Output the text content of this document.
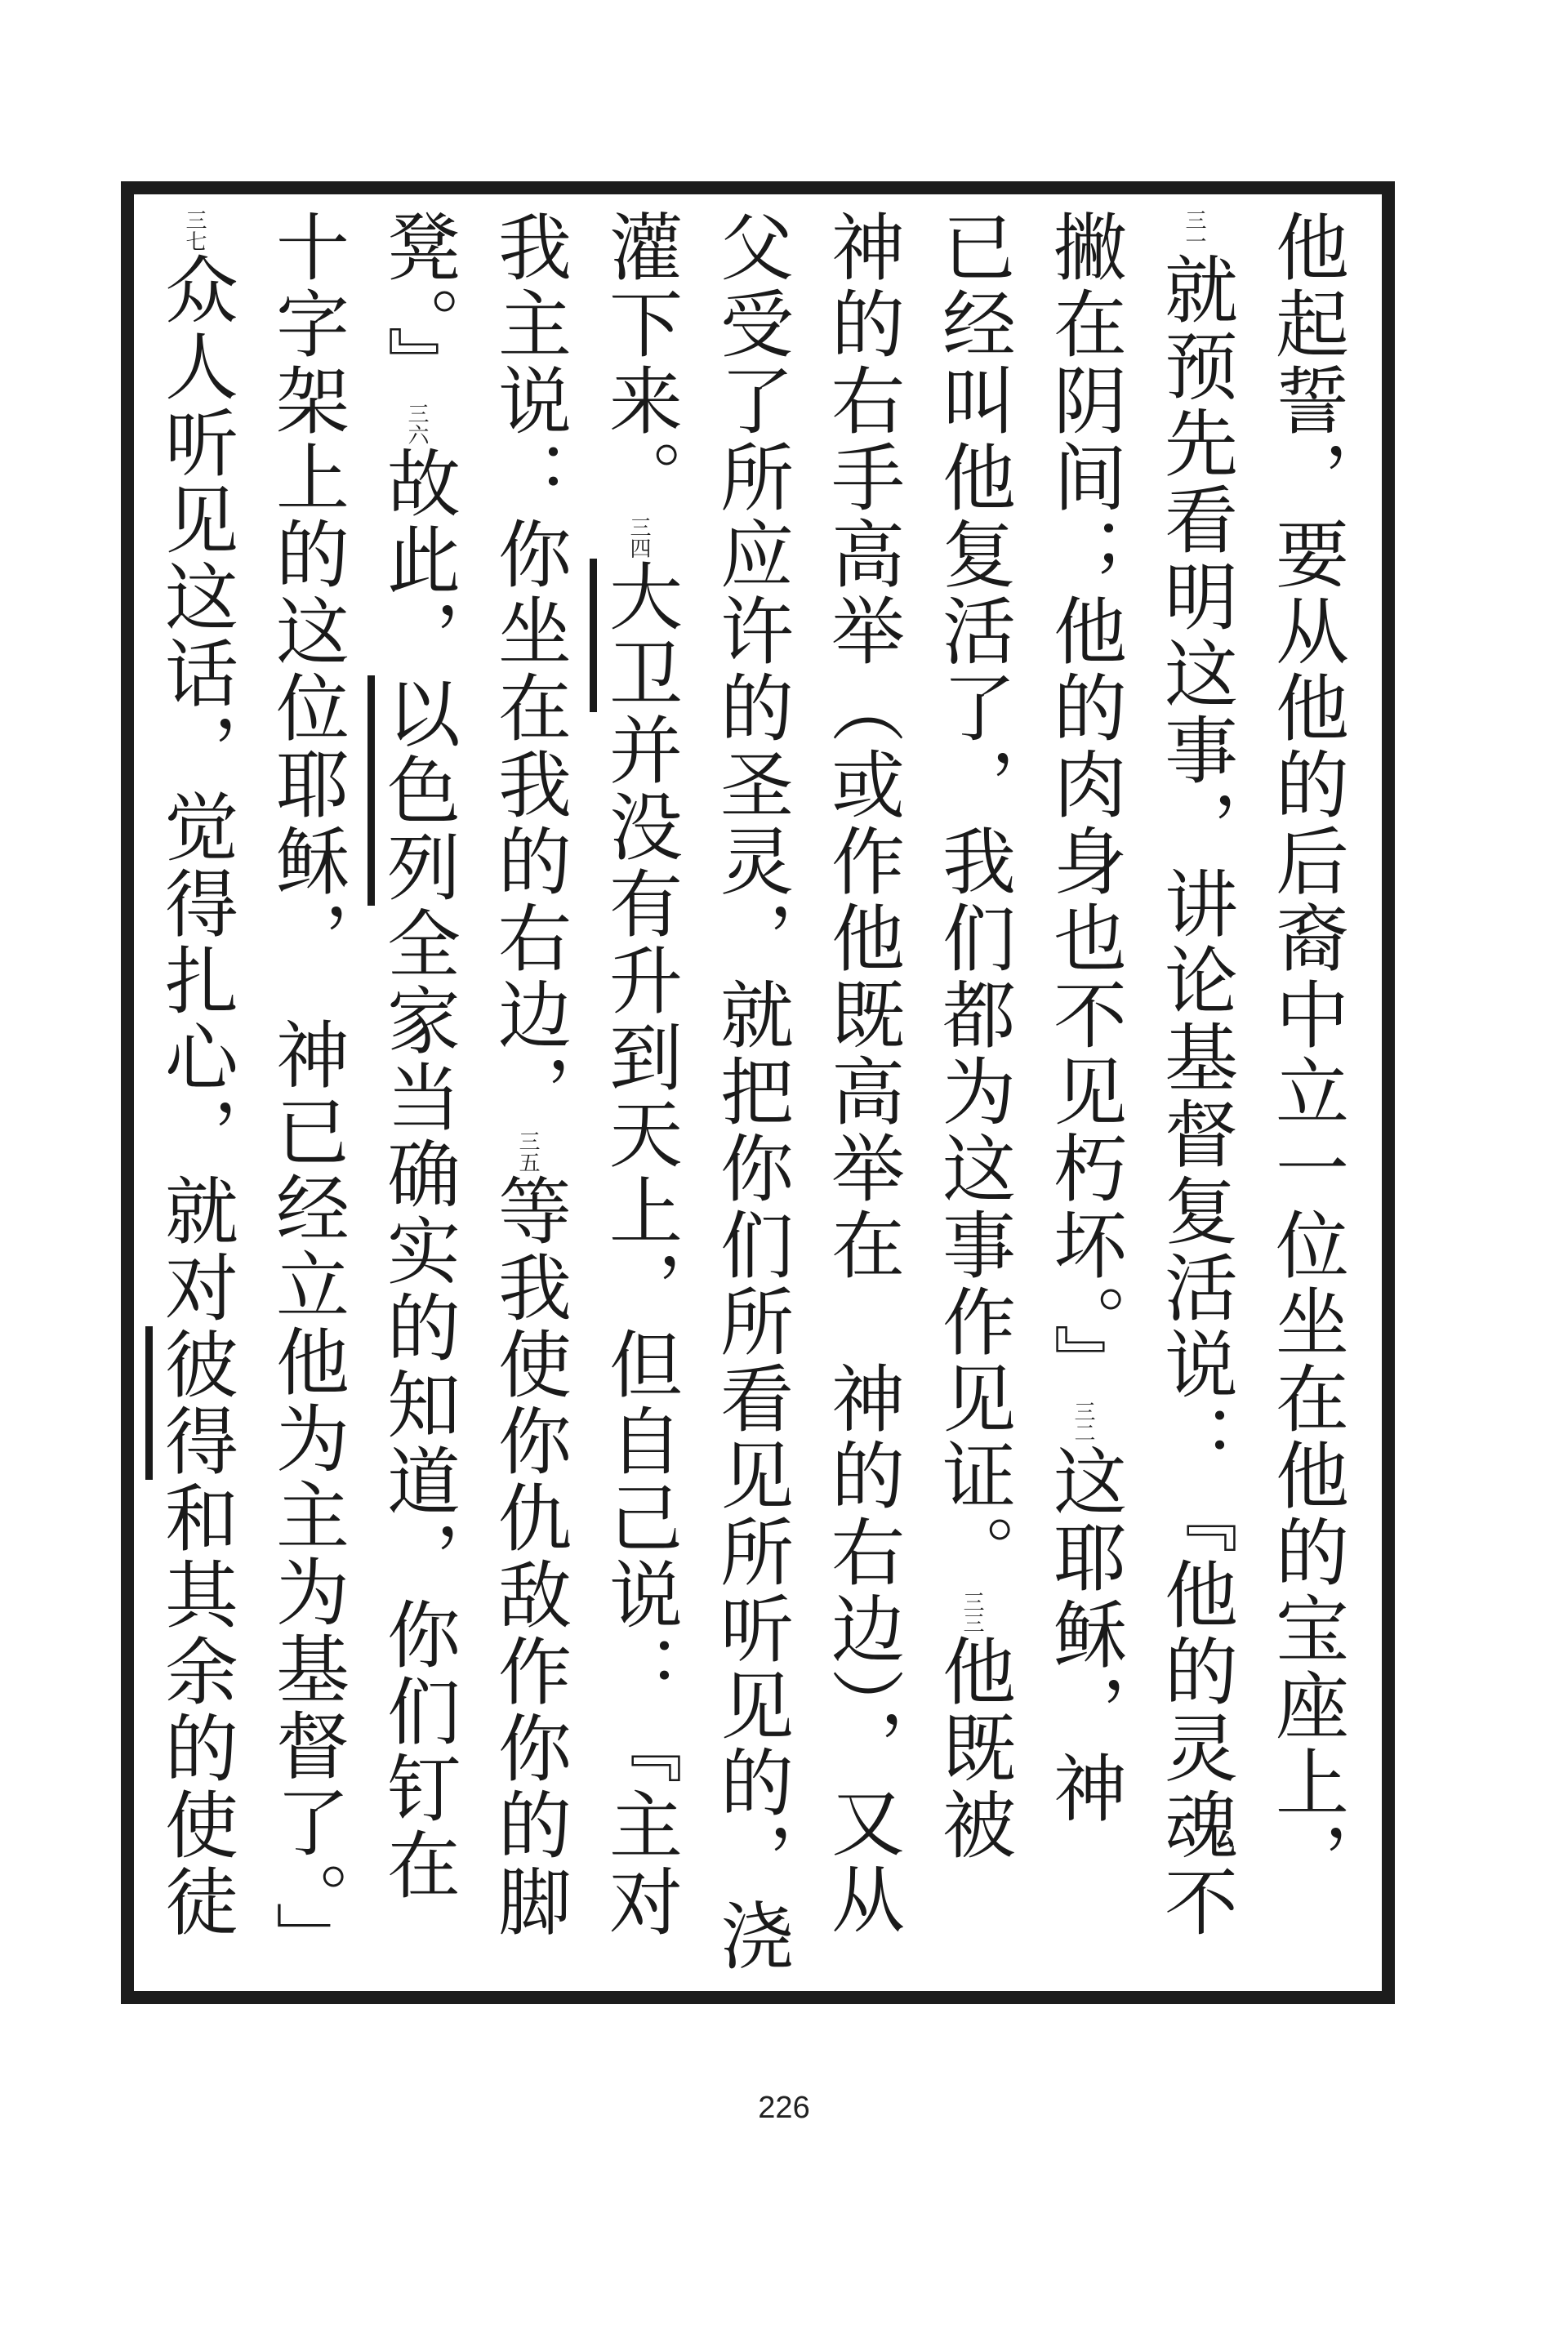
他起誓，要从他的后裔中立一位坐在他的宝座上，
$^{三一}$就预先看明这事，讲论基督复活说：『他的灵魂不
撇在阴间；他的肉身也不见朽坏。』$^{三二}$这耶稣，神
已经叫他复活了，我们都为这事作见证。$^{三三}$他既被
神的右手高举（或作他既高举在　神的右边），又从
父受了所应许的圣灵，就把你们所看见所听见的，浇
灌下来。$^{三四}$大卫并没有升到天上，但自己说：『主对
我主说：你坐在我的右边，$^{三五}$等我使你仇敌作你的脚
凳。』$^{三六}$故此，以色列全家当确实的知道，你们钉在
十字架上的这位耶稣，　神已经立他为主为基督了。」
$^{三七}$众人听见这话，觉得扎心，就对彼得和其余的使徒
226
